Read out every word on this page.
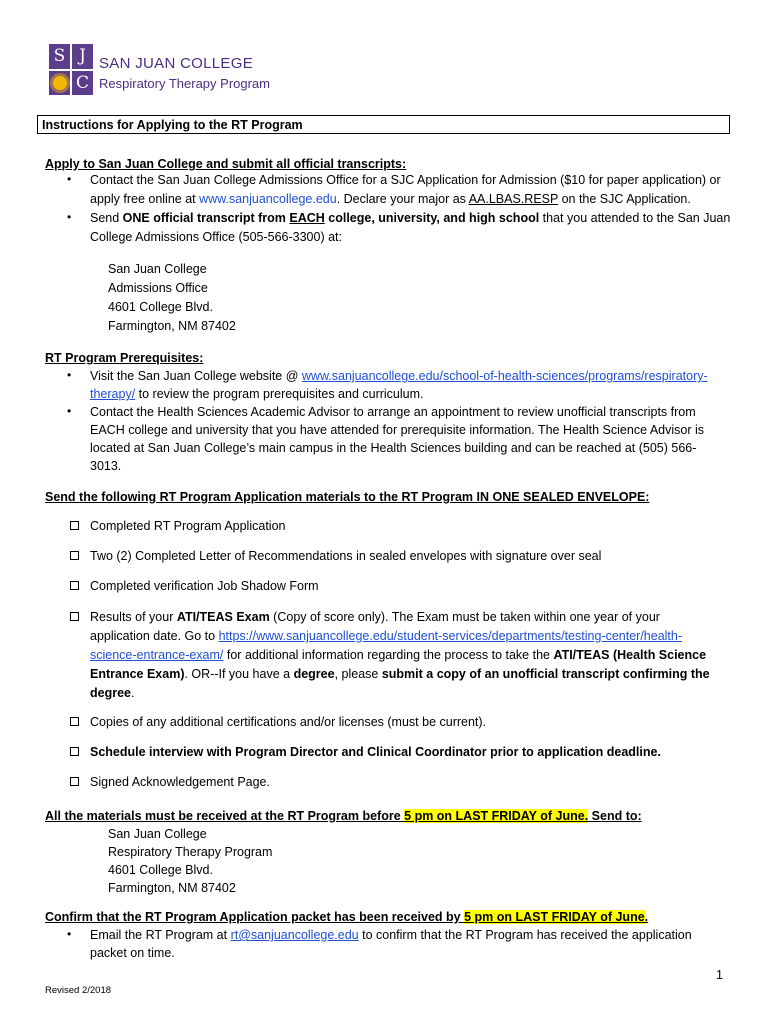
S J
C
SAN JUAN COLLEGE
Respiratory Therapy Program
Instructions for Applying to the RT Program
Apply to San Juan College and submit all official transcripts:
• Contact the San Juan College Admissions Office for a SJC Application for Admission ($10 for paper application) or
apply free online at www.sanjuancollege.edu. Declare your major as AA.LBAS.RESP on the SJC Application.
• Send ONE official transcript from EACH college, university, and high school that you attended to the San Juan
College Admissions Office (505-566-3300) at:
San Juan College
Admissions Office
4601 College Blvd.
Farmington, NM 87402
RT Program Prerequisites:
• Visit the San Juan College website @ www.sanjuancollege.edu/school-of-health-sciences/programs/respiratory-
therapy/ to review the program prerequisites and curriculum.
• Contact the Health Sciences Academic Advisor to arrange an appointment to review unofficial transcripts from
EACH college and university that you have attended for prerequisite information. The Health Science Advisor is
located at San Juan College’s main campus in the Health Sciences building and can be reached at (505) 566-
3013.
Send the following RT Program Application materials to the RT Program IN ONE SEALED ENVELOPE:
Completed RT Program Application
Two (2) Completed Letter of Recommendations in sealed envelopes with signature over seal
Completed verification Job Shadow Form
Results of your ATI/TEAS Exam (Copy of score only). The Exam must be taken within one year of your
application date. Go to https://www.sanjuancollege.edu/student-services/departments/testing-center/health-
science-entrance-exam/ for additional information regarding the process to take the ATI/TEAS (Health Science
Entrance Exam). OR--If you have a degree, please submit a copy of an unofficial transcript confirming the
degree.
Copies of any additional certifications and/or licenses (must be current).
Schedule interview with Program Director and Clinical Coordinator prior to application deadline.
Signed Acknowledgement Page.
All the materials must be received at the RT Program before 5 pm on LAST FRIDAY of June. Send to:
San Juan College
Respiratory Therapy Program
4601 College Blvd.
Farmington, NM 87402
Confirm that the RT Program Application packet has been received by 5 pm on LAST FRIDAY of June.
• Email the RT Program at rt@sanjuancollege.edu to confirm that the RT Program has received the application
packet on time.
1
Revised 2/2018
